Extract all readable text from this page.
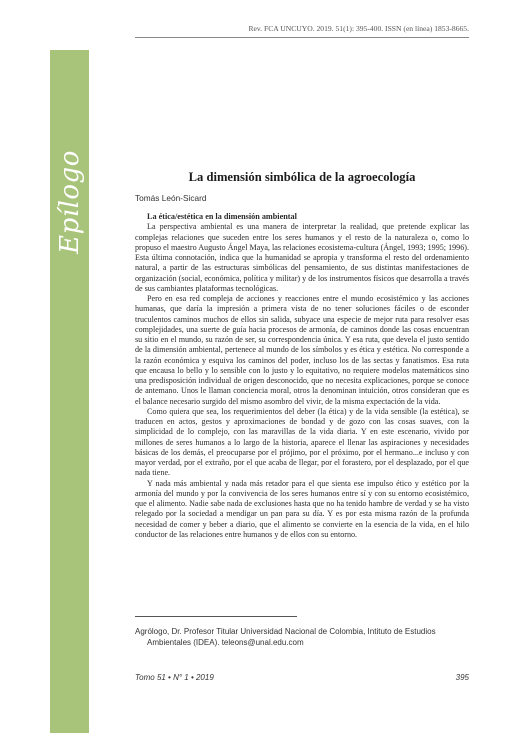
Epílogo
Rev. FCA UNCUYO. 2019. 51(1): 395-400. ISSN (en línea) 1853-8665.
La dimensión simbólica de la agroecología
Tomás León-Sicard
La ética/estética en la dimensión ambiental

La perspectiva ambiental es una manera de interpretar la realidad, que pretende explicar las complejas relaciones que suceden entre los seres humanos y el resto de la naturaleza o, como lo propuso el maestro Augusto Ángel Maya, las relaciones ecosistema-cultura (Ángel, 1993; 1995; 1996). Esta última connotación, indica que la humanidad se apropia y transforma el resto del ordenamiento natural, a partir de las estructuras simbólicas del pensamiento, de sus distintas manifestaciones de organización (social, económica, política y militar) y de los instrumentos físicos que desarrolla a través de sus cambiantes plataformas tecnológicas.

Pero en esa red compleja de acciones y reacciones entre el mundo ecosistémico y las acciones humanas, que daría la impresión a primera vista de no tener soluciones fáciles o de esconder truculentos caminos muchos de ellos sin salida, subyace una especie de mejor ruta para resolver esas complejidades, una suerte de guía hacia procesos de armonía, de caminos donde las cosas encuentran su sitio en el mundo, su razón de ser, su correspondencia única. Y esa ruta, que devela el justo sentido de la dimensión ambiental, pertenece al mundo de los símbolos y es ética y estética. No corresponde a la razón económica y esquiva los caminos del poder, incluso los de las sectas y fanatismos. Esa ruta que encausa lo bello y lo sensible con lo justo y lo equitativo, no requiere modelos matemáticos sino una predisposición individual de origen desconocido, que no necesita explicaciones, porque se conoce de antemano. Unos le llaman conciencia moral, otros la denominan intuición, otros consideran que es el balance necesario surgido del mismo asombro del vivir, de la misma expectación de la vida.

Como quiera que sea, los requerimientos del deber (la ética) y de la vida sensible (la estética), se traducen en actos, gestos y aproximaciones de bondad y de gozo con las cosas suaves, con la simplicidad de lo complejo, con las maravillas de la vida diaria. Y en este escenario, vivido por millones de seres humanos a lo largo de la historia, aparece el llenar las aspiraciones y necesidades básicas de los demás, el preocuparse por el prójimo, por el próximo, por el hermano...e incluso y con mayor verdad, por el extraño, por el que acaba de llegar, por el forastero, por el desplazado, por el que nada tiene.

Y nada más ambiental y nada más retador para el que sienta ese impulso ético y estético por la armonía del mundo y por la convivencia de los seres humanos entre sí y con su entorno ecosistémico, que el alimento. Nadie sabe nada de exclusiones hasta que no ha tenido hambre de verdad y se ha visto relegado por la sociedad a mendigar un pan para su día. Y es por esta misma razón de la profunda necesidad de comer y beber a diario, que el alimento se convierte en la esencia de la vida, en el hilo conductor de las relaciones entre humanos y de ellos con su entorno.

Agrólogo, Dr. Profesor Titular Universidad Nacional de Colombia, Intituto de Estudios
Ambientales (IDEA). teleons@unal.edu.com
Tomo 51 • N° 1 • 2019	395
